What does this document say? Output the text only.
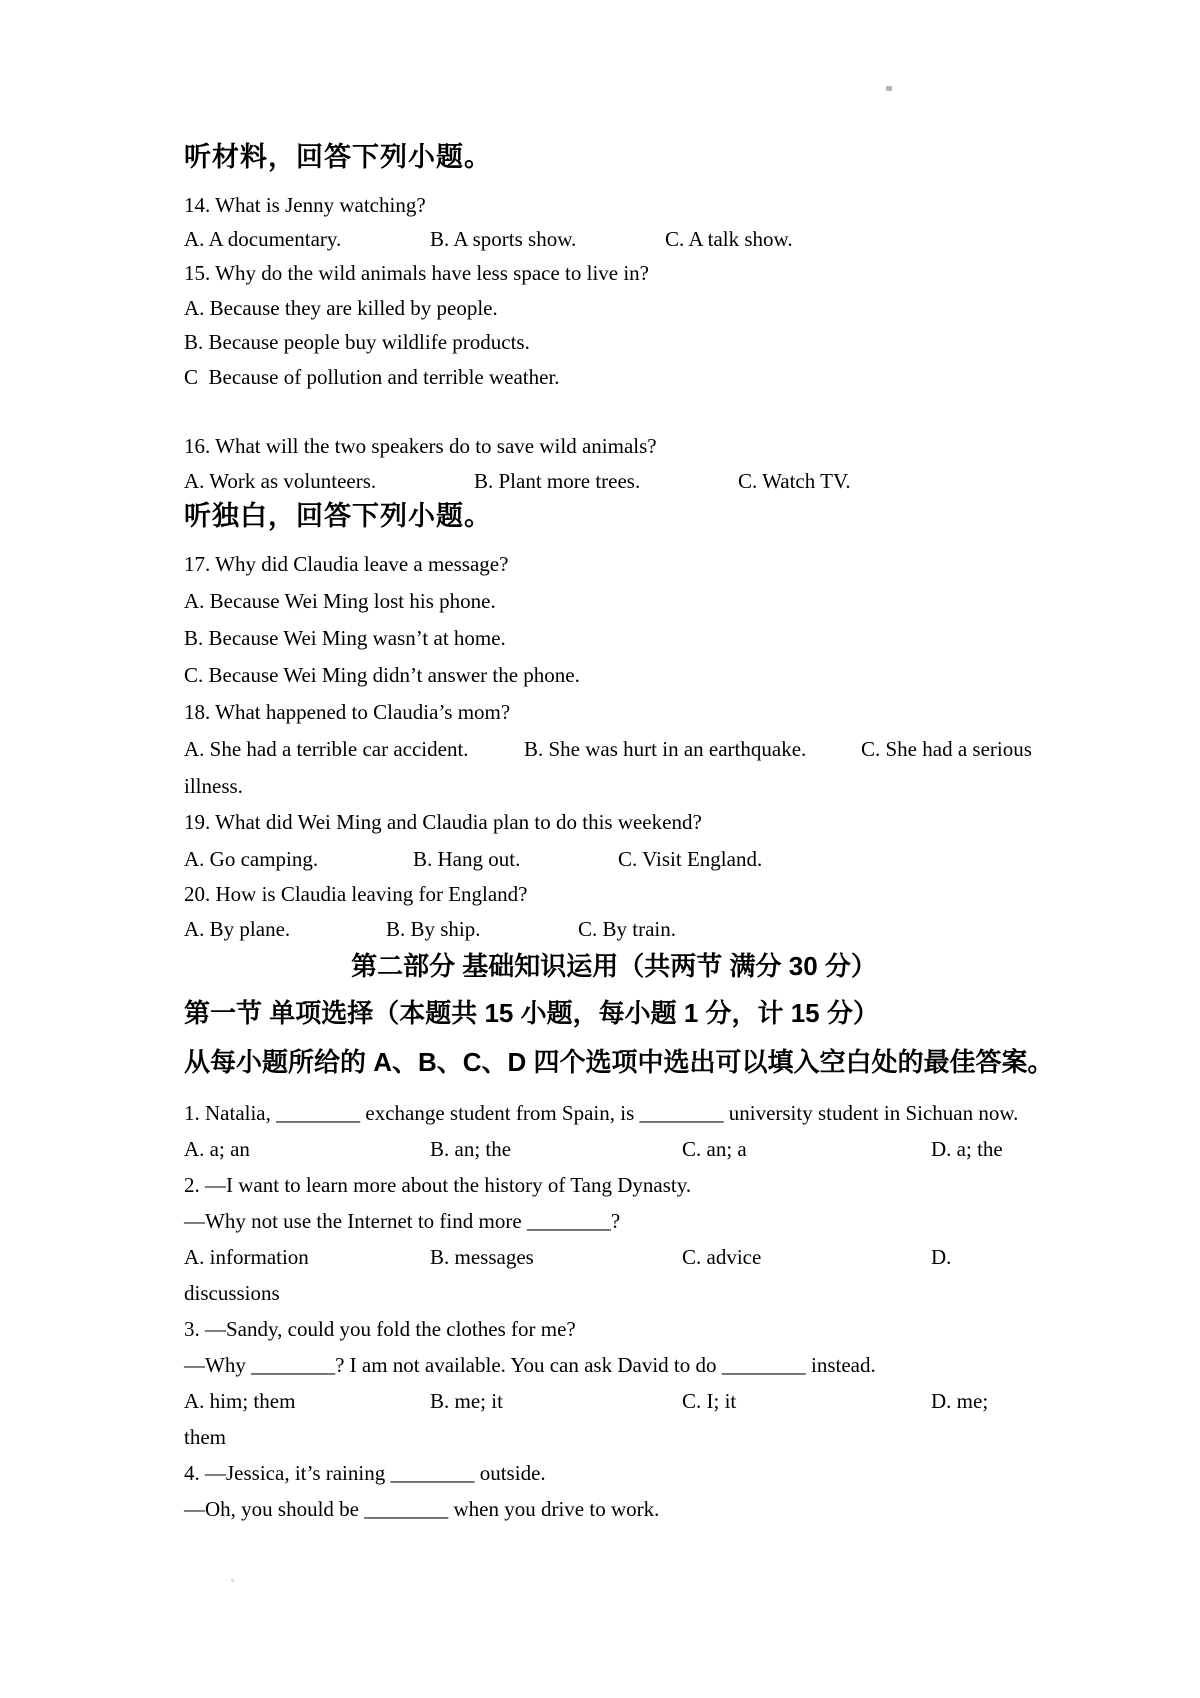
听材料，回答下列小题。
14. What is Jenny watching?

A. A documentary.

	B. A sports show.

	C. A talk show.

15. Why do the wild animals have less space to live in?
A. Because they are killed by people.
B. Because people buy wildlife products.
C  Because of pollution and terrible weather.
16. What will the two speakers do to save wild animals?

A. Work as volunteers.

	B. Plant more trees.

	C. Watch TV.

听独白，回答下列小题。
17. Why did Claudia leave a message?
A. Because Wei Ming lost his phone.
B. Because Wei Ming wasn’t at home.
C. Because Wei Ming didn’t answer the phone.
18. What happened to Claudia’s mom?

A. She had a terrible car accident.

	B. She was hurt in an earthquake.

	C. She had a serious

illness.
19. What did Wei Ming and Claudia plan to do this weekend?

A. Go camping.

	B. Hang out.

	C. Visit England.

20. How is Claudia leaving for England?

A. By plane.

	B. By ship.

	C. By train.

第二部分 基础知识运用（共两节 满分 30 分）
第一节 单项选择（本题共 15 小题，每小题 1 分，计 15 分）
从每小题所给的 A、B、C、D 四个选项中选出可以填入空白处的最佳答案。
1. Natalia, ________ exchange student from Spain, is ________ university student in Sichuan now.

A. a; an

	B. an; the

	C. an; a

	D. a; the

2. —I want to learn more about the history of Tang Dynasty.
—Why not use the Internet to find more ________?

A. information

	B. messages

	C. advice

	D.

discussions
3. —Sandy, could you fold the clothes for me?
—Why ________? I am not available. You can ask David to do ________ instead.

A. him; them

	B. me; it

	C. I; it

	D. me;

them
4. —Jessica, it’s raining ________ outside.
—Oh, you should be ________ when you drive to work.
